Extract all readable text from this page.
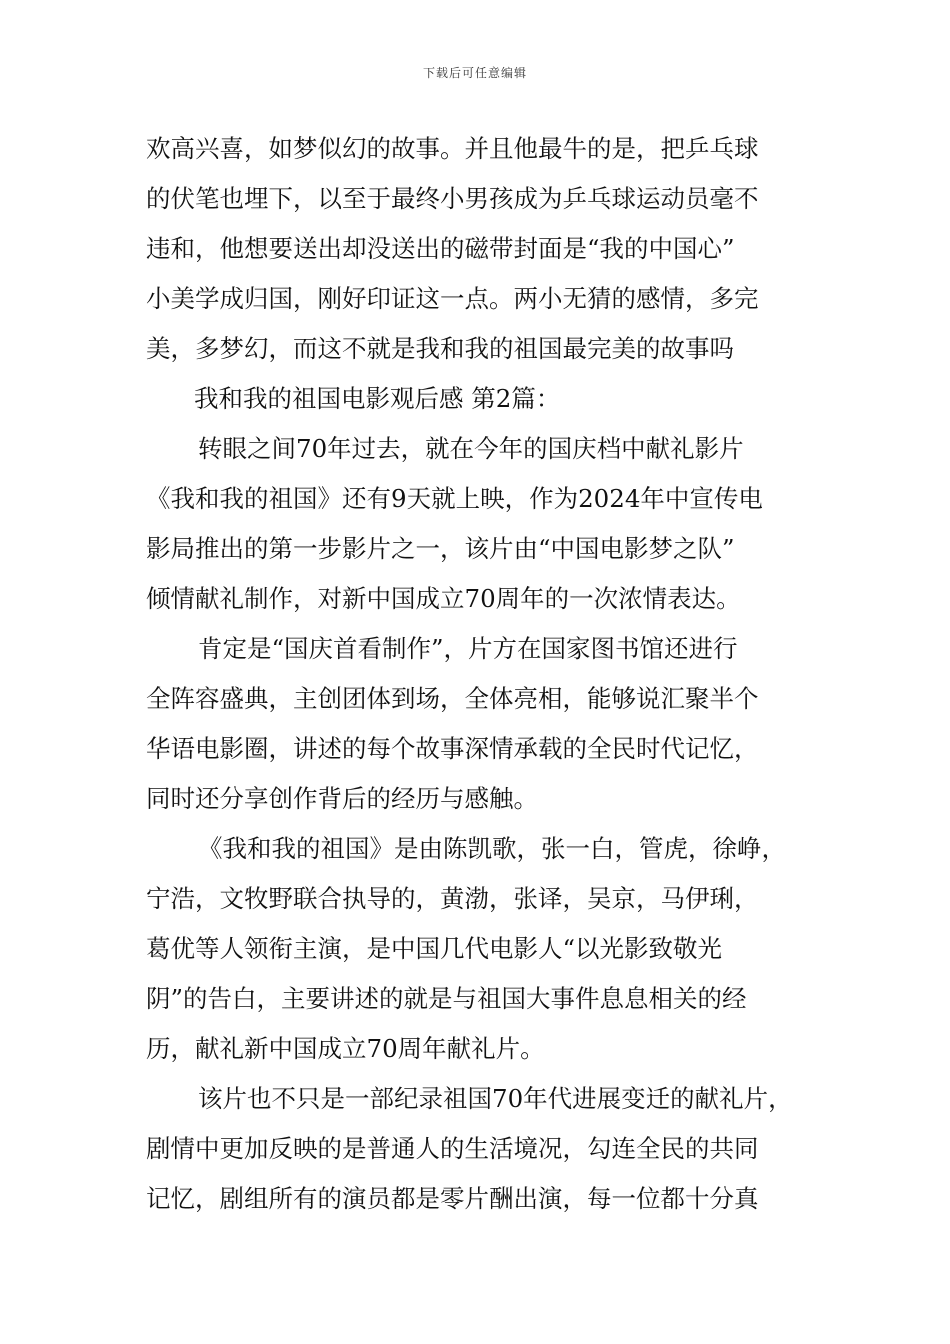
下载后可任意编辑
欢高兴喜，如梦似幻的故事。并且他最牛的是，把乒乓球
的伏笔也埋下，以至于最终小男孩成为乒乓球运动员毫不
违和，他想要送出却没送出的磁带封面是“我的中国心”
小美学成归国，刚好印证这一点。两小无猜的感情，多完
美，多梦幻，而这不就是我和我的祖国最完美的故事吗
我和我的祖国电影观后感 第2篇：
转眼之间70年过去，就在今年的国庆档中献礼影片
《我和我的祖国》还有9天就上映，作为2024年中宣传电
影局推出的第一步影片之一，该片由“中国电影梦之队”
倾情献礼制作，对新中国成立70周年的一次浓情表达。
肯定是“国庆首看制作”，片方在国家图书馆还进行
全阵容盛典，主创团体到场，全体亮相，能够说汇聚半个
华语电影圈，讲述的每个故事深情承载的全民时代记忆，
同时还分享创作背后的经历与感触。
《我和我的祖国》是由陈凯歌，张一白，管虎，徐峥，
宁浩，文牧野联合执导的，黄渤，张译，吴京，马伊琍，
葛优等人领衔主演，是中国几代电影人“以光影致敬光
阴”的告白，主要讲述的就是与祖国大事件息息相关的经
历，献礼新中国成立70周年献礼片。
该片也不只是一部纪录祖国70年代进展变迁的献礼片，
剧情中更加反映的是普通人的生活境况，勾连全民的共同
记忆，剧组所有的演员都是零片酬出演，每一位都十分真
